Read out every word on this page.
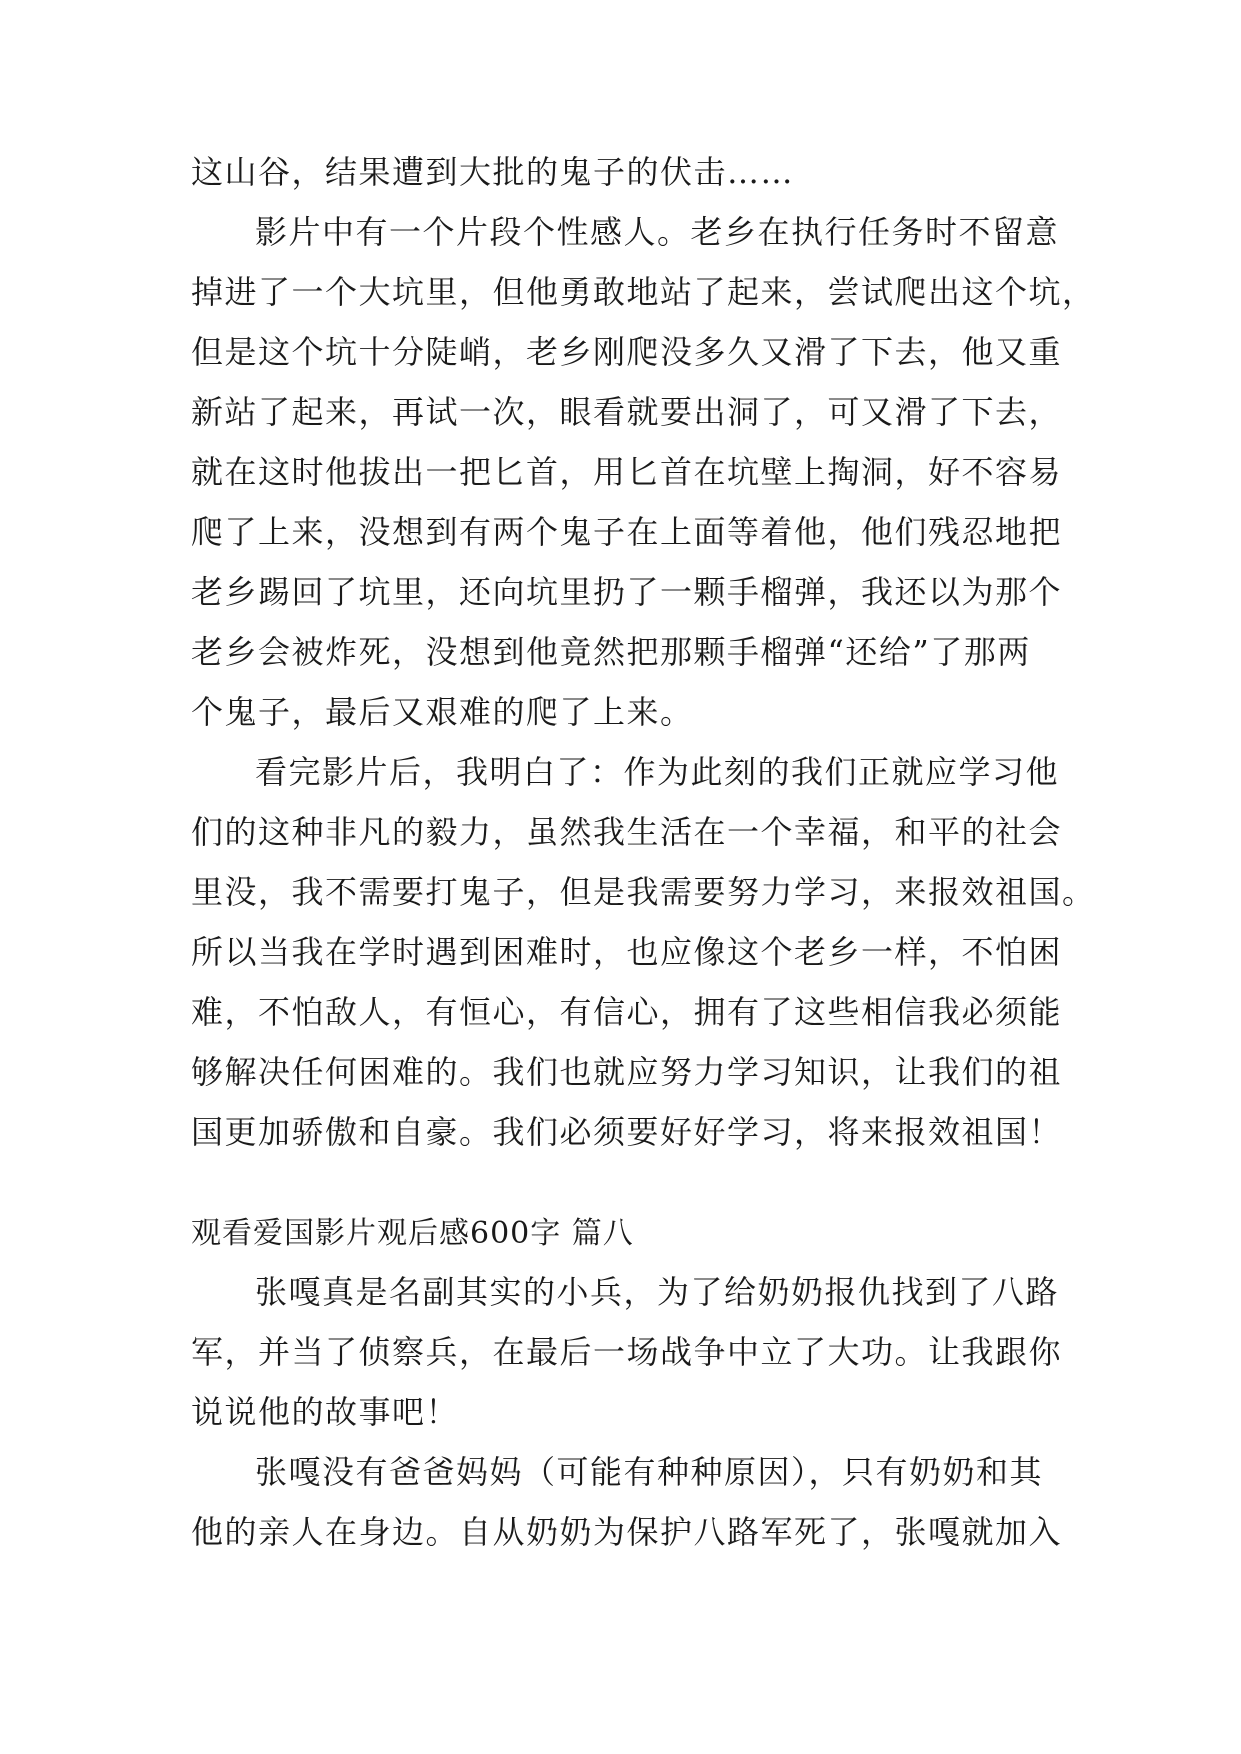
这山谷，结果遭到大批的鬼子的伏击……

影片中有一个片段个性感人。老乡在执行任务时不留意

掉进了一个大坑里，但他勇敢地站了起来，尝试爬出这个坑，

但是这个坑十分陡峭，老乡刚爬没多久又滑了下去，他又重

新站了起来，再试一次，眼看就要出洞了，可又滑了下去，

就在这时他拔出一把匕首，用匕首在坑壁上掏洞，好不容易

爬了上来，没想到有两个鬼子在上面等着他，他们残忍地把

老乡踢回了坑里，还向坑里扔了一颗手榴弹，我还以为那个

老乡会被炸死，没想到他竟然把那颗手榴弹“还给”了那两

个鬼子，最后又艰难的爬了上来。

看完影片后，我明白了：作为此刻的我们正就应学习他

们的这种非凡的毅力，虽然我生活在一个幸福，和平的社会

里没，我不需要打鬼子，但是我需要努力学习，来报效祖国。

所以当我在学时遇到困难时，也应像这个老乡一样，不怕困

难，不怕敌人，有恒心，有信心，拥有了这些相信我必须能

够解决任何困难的。我们也就应努力学习知识，让我们的祖

国更加骄傲和自豪。我们必须要好好学习，将来报效祖国！

观看爱国影片观后感600字 篇八

张嘎真是名副其实的小兵，为了给奶奶报仇找到了八路

军，并当了侦察兵，在最后一场战争中立了大功。让我跟你

说说他的故事吧！

张嘎没有爸爸妈妈（可能有种种原因），只有奶奶和其

他的亲人在身边。自从奶奶为保护八路军死了，张嘎就加入
